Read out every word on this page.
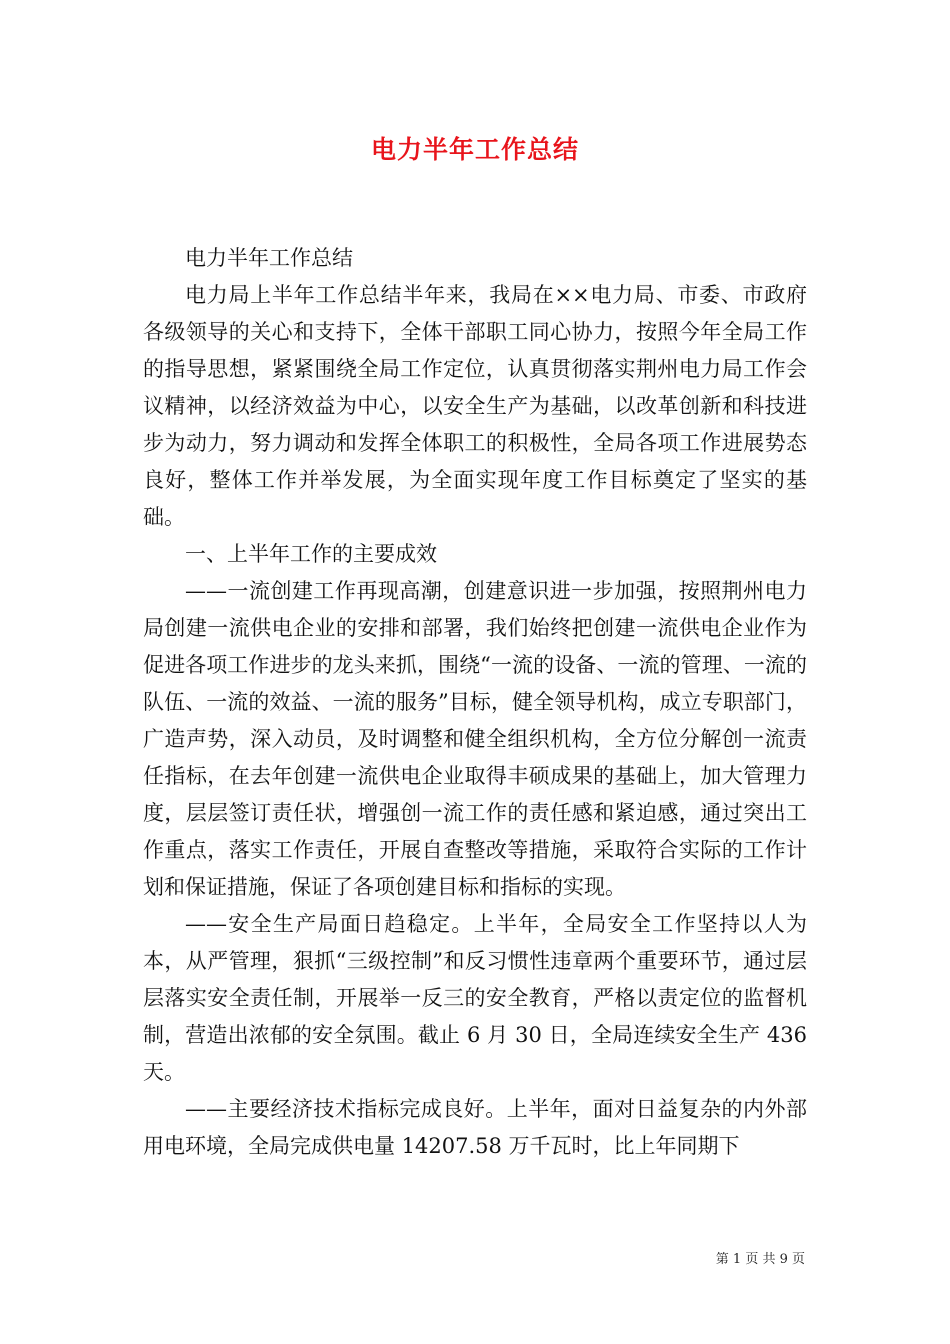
电力半年工作总结

电力半年工作总结

电力局上半年工作总结半年来，我局在××电力局、市委、市政府各级领导的关心和支持下，全体干部职工同心协力，按照今年全局工作的指导思想，紧紧围绕全局工作定位，认真贯彻落实荆州电力局工作会议精神，以经济效益为中心，以安全生产为基础，以改革创新和科技进步为动力，努力调动和发挥全体职工的积极性，全局各项工作进展势态良好，整体工作并举发展，为全面实现年度工作目标奠定了坚实的基础。

一、上半年工作的主要成效

——一流创建工作再现高潮，创建意识进一步加强，按照荆州电力局创建一流供电企业的安排和部署，我们始终把创建一流供电企业作为促进各项工作进步的龙头来抓，围绕“一流的设备、一流的管理、一流的队伍、一流的效益、一流的服务”目标，健全领导机构，成立专职部门，广造声势，深入动员，及时调整和健全组织机构，全方位分解创一流责任指标，在去年创建一流供电企业取得丰硕成果的基础上，加大管理力度，层层签订责任状，增强创一流工作的责任感和紧迫感，通过突出工作重点，落实工作责任，开展自查整改等措施，采取符合实际的工作计划和保证措施，保证了各项创建目标和指标的实现。

——安全生产局面日趋稳定。上半年，全局安全工作坚持以人为本，从严管理，狠抓“三级控制”和反习惯性违章两个重要环节，通过层层落实安全责任制，开展举一反三的安全教育，严格以责定位的监督机制，营造出浓郁的安全氛围。截止 6 月 30 日，全局连续安全生产 436 天。

——主要经济技术指标完成良好。上半年，面对日益复杂的内外部用电环境，全局完成供电量 14207.58 万千瓦时，比上年同期下

第 1 页 共 9 页
